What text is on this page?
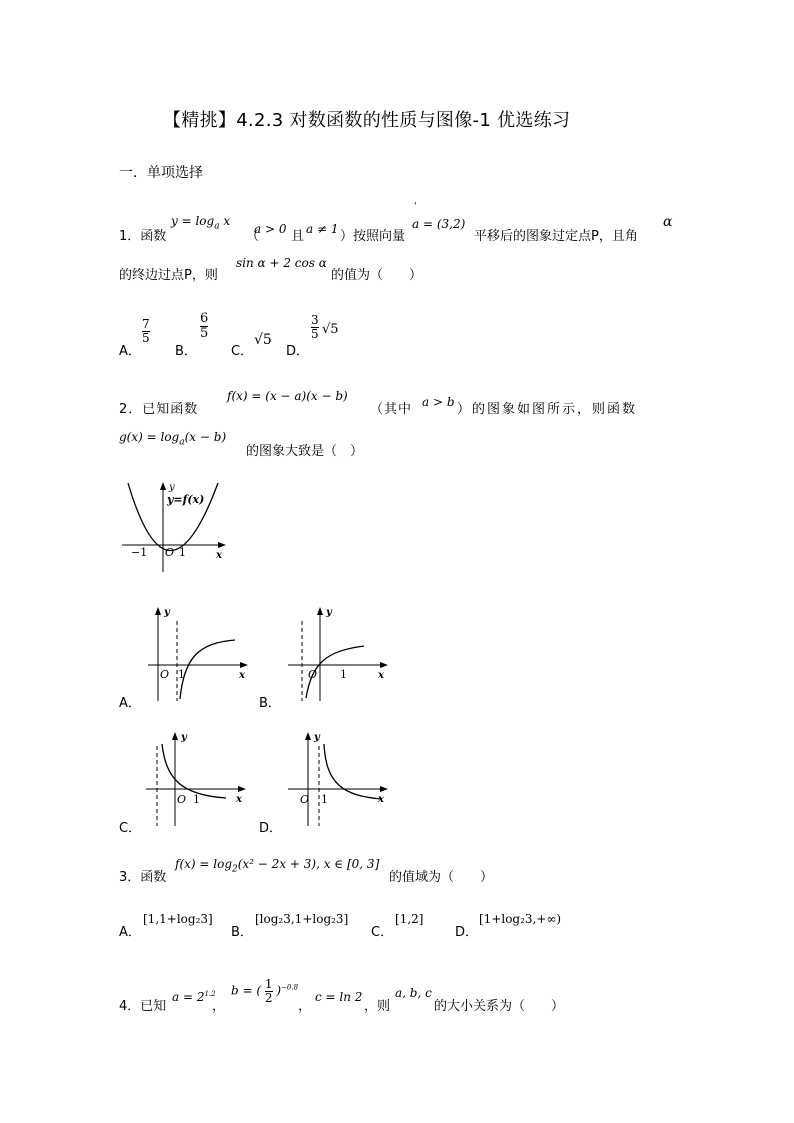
【精挑】4.2.3 对数函数的性质与图像-1 优选练习
一．单项选择
1．函数
$y = \log_a x$
（
a > 0 且 a ≠ 1 ）按照向量
'
a = (3,2)
平移后的图象过定点P，且角
α
的终边过点P，则
sin α + 2 cos α
的值为（　　）
A．
7
5
B．
6
5
C．
√5
D．
3
5 √5
2．已知函数
f(x) = (x − a)(x − b)
（其中 a > b ）的图象如图所示，则函数
$g(x) = \log_a(x - b)$
的图象大致是（　）
y
y=f(x)
−1 O 1	x
A．
y
O 1	x
B．
y
O 1	x
C．
y
O 1	x
D．
y
O 1	x
3．函数
$f(x) = \log_2(x^2 - 2x + 3)$, x ∈ [0, 3]
的值域为（　　）
A．
[1,1+log₂3]
B．
[log₂3,1+log₂3]
C．
[1,2]
D．
[1+log₂3,+∞)
4．已知
$a = 2^{1.2}$
，
b = ( $\frac{1}{2} )^{-0.8}$
，
c = ln 2
，则
a, b, c
的大小关系为（　　）
